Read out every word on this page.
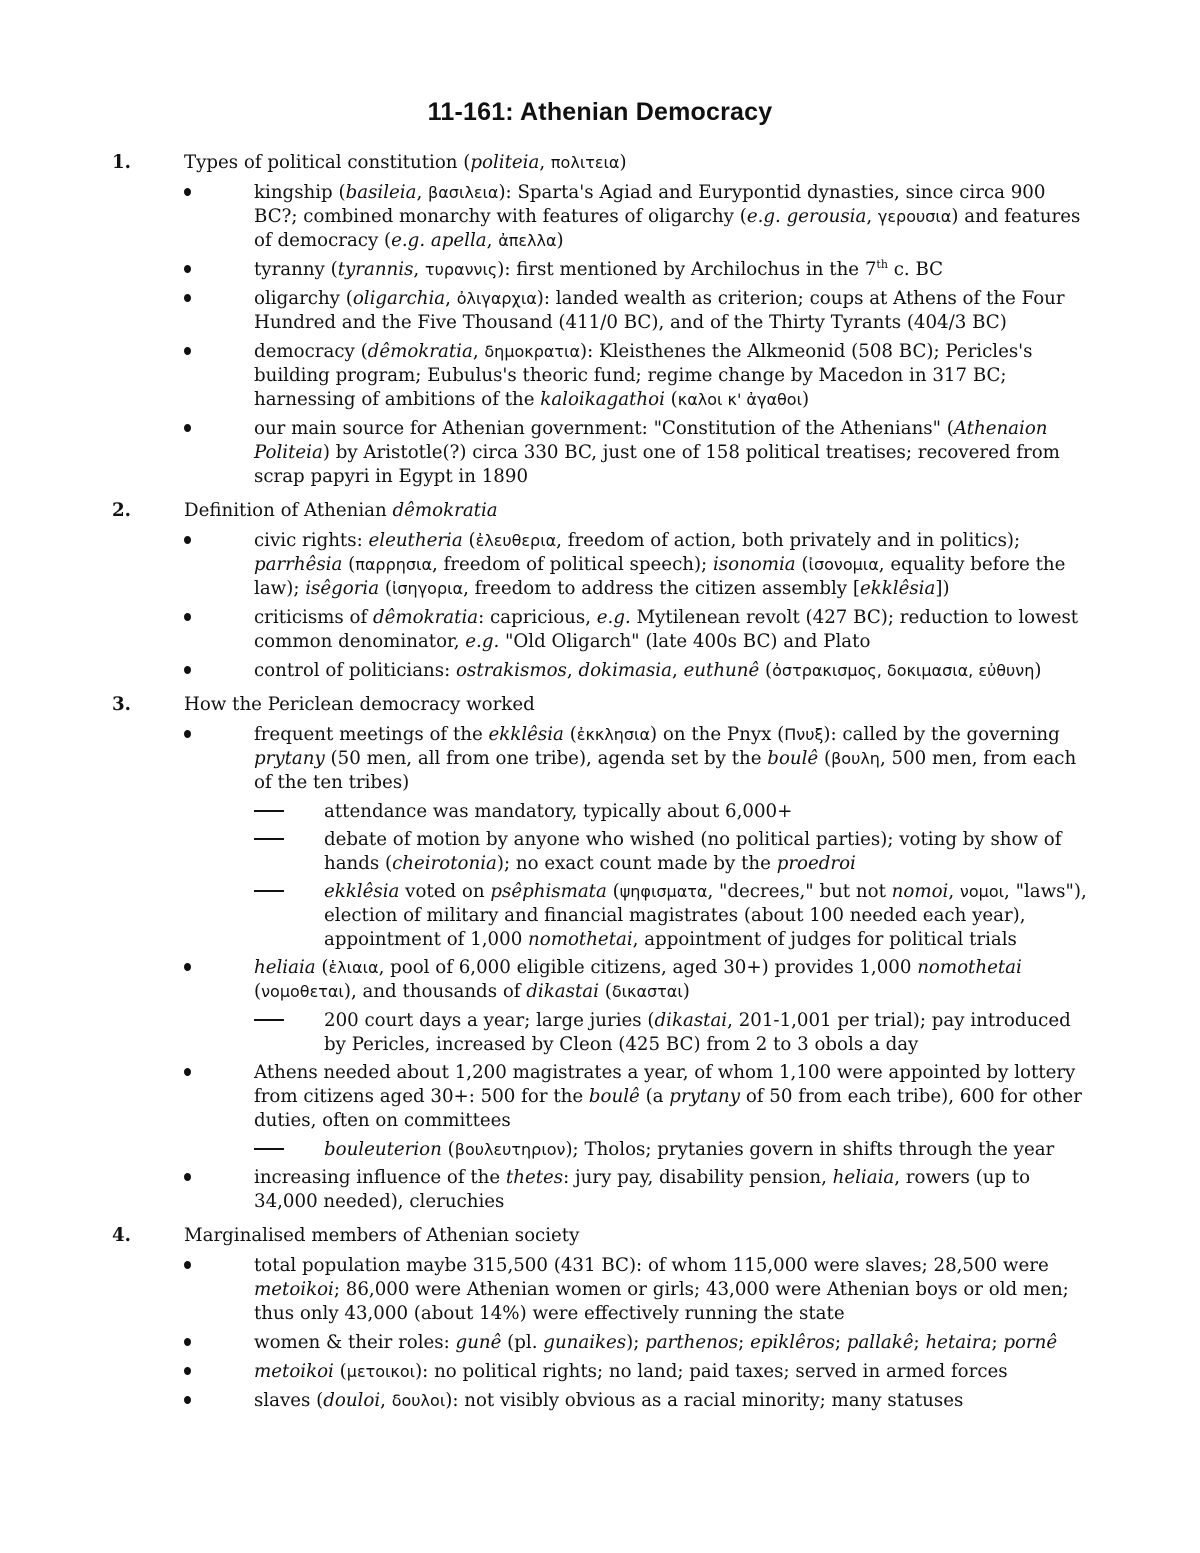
11-161: Athenian Democracy
1.	Types of political constitution (politeia, πολιτεια)
kingship (basileia, βασιλεια): Sparta's Agiad and Eurypontid dynasties, since circa 900 BC?; combined monarchy with features of oligarchy (e.g. gerousia, γερουσια) and features of democracy (e.g. apella, ἀπελλα)
tyranny (tyrannis, τυραννις): first mentioned by Archilochus in the 7th c. BC
oligarchy (oligarchia, ὀλιγαρχια): landed wealth as criterion; coups at Athens of the Four Hundred and the Five Thousand (411/0 BC), and of the Thirty Tyrants (404/3 BC)
democracy (dêmokratia, δημοκρατια): Kleisthenes the Alkmeonid (508 BC); Pericles's building program; Eubulus's theoric fund; regime change by Macedon in 317 BC; harnessing of ambitions of the kaloikagathoi (καλοι κ' ἀγαθοι)
our main source for Athenian government: "Constitution of the Athenians" (Athenaion Politeia) by Aristotle(?) circa 330 BC, just one of 158 political treatises; recovered from scrap papyri in Egypt in 1890
2.	Definition of Athenian dêmokratia
civic rights: eleutheria (ἐλευθερια, freedom of action, both privately and in politics); parrhêsia (παρρησια, freedom of political speech); isonomia (ἰσονομια, equality before the law); isêgoria (ἰσηγορια, freedom to address the citizen assembly [ekklêsia])
criticisms of dêmokratia: capricious, e.g. Mytilenean revolt (427 BC); reduction to lowest common denominator, e.g. "Old Oligarch" (late 400s BC) and Plato
control of politicians: ostrakismos, dokimasia, euthunê (ὀστρακισμος, δοκιμασια, εὐθυνη)
3.	How the Periclean democracy worked
frequent meetings of the ekklêsia (ἐκκλησια) on the Pnyx (Πνυξ): called by the governing prytany (50 men, all from one tribe), agenda set by the boulê (βουλη, 500 men, from each of the ten tribes)
attendance was mandatory, typically about 6,000+
debate of motion by anyone who wished (no political parties); voting by show of hands (cheirotonia); no exact count made by the proedroi
ekklêsia voted on psêphismata (ψηφισματα, "decrees," but not nomoi, νομοι, "laws"), election of military and financial magistrates (about 100 needed each year), appointment of 1,000 nomothetai, appointment of judges for political trials
heliaia (ἑλιαια, pool of 6,000 eligible citizens, aged 30+) provides 1,000 nomothetai (νομοθεται), and thousands of dikastai (δικασται)
200 court days a year; large juries (dikastai, 201-1,001 per trial); pay introduced by Pericles, increased by Cleon (425 BC) from 2 to 3 obols a day
Athens needed about 1,200 magistrates a year, of whom 1,100 were appointed by lottery from citizens aged 30+: 500 for the boulê (a prytany of 50 from each tribe), 600 for other duties, often on committees
bouleuterion (βουλευτηριον); Tholos; prytanies govern in shifts through the year
increasing influence of the thetes: jury pay, disability pension, heliaia, rowers (up to 34,000 needed), cleruchies
4.	Marginalised members of Athenian society
total population maybe 315,500 (431 BC): of whom 115,000 were slaves; 28,500 were metoikoi; 86,000 were Athenian women or girls; 43,000 were Athenian boys or old men; thus only 43,000 (about 14%) were effectively running the state
women & their roles: gunê (pl. gunaikes); parthenos; epiklêros; pallakê; hetaira; pornê
metoikoi (μετοικοι): no political rights; no land; paid taxes; served in armed forces
slaves (douloi, δουλοι): not visibly obvious as a racial minority; many statuses
